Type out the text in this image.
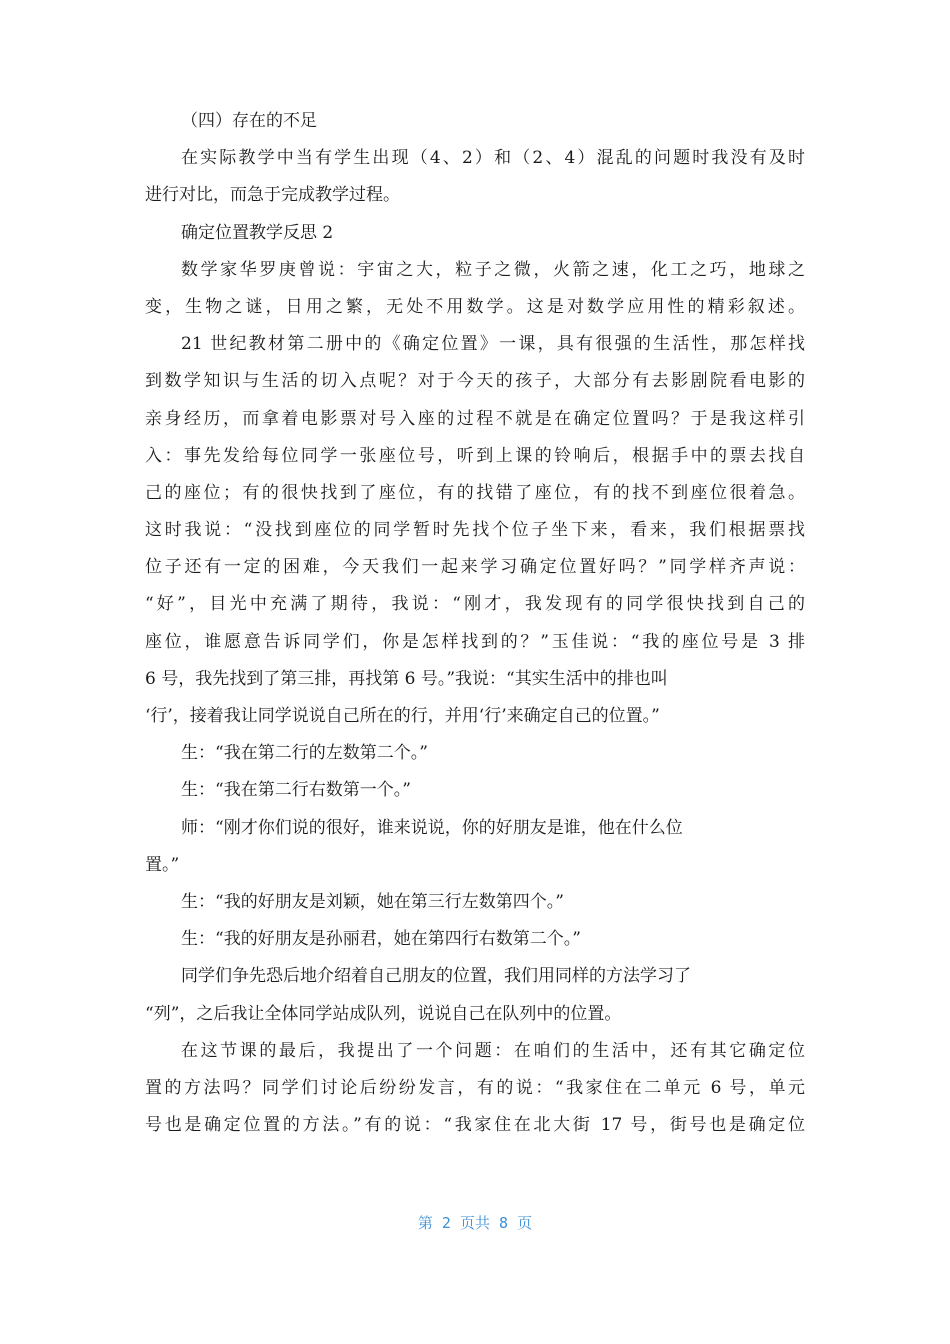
（四）存在的不足
在实际教学中当有学生出现（4、2）和（2、4）混乱的问题时我没有及时
进行对比，而急于完成教学过程。
确定位置教学反思 2
数学家华罗庚曾说：宇宙之大，粒子之微，火箭之速，化工之巧，地球之
变，生物之谜，日用之繁，无处不用数学。这是对数学应用性的精彩叙述。
21 世纪教材第二册中的《确定位置》一课，具有很强的生活性，那怎样找
到数学知识与生活的切入点呢？对于今天的孩子，大部分有去影剧院看电影的
亲身经历，而拿着电影票对号入座的过程不就是在确定位置吗？于是我这样引
入：事先发给每位同学一张座位号，听到上课的铃响后，根据手中的票去找自
己的座位；有的很快找到了座位，有的找错了座位，有的找不到座位很着急。
这时我说：“没找到座位的同学暂时先找个位子坐下来，看来，我们根据票找
位子还有一定的困难，今天我们一起来学习确定位置好吗？”同学样齐声说：
“好”，目光中充满了期待，我说：“刚才，我发现有的同学很快找到自己的
座位，谁愿意告诉同学们，你是怎样找到的？”玉佳说：“我的座位号是 3 排
6 号，我先找到了第三排，再找第 6 号。”我说：“其实生活中的排也叫
‘行’，接着我让同学说说自己所在的行，并用‘行’来确定自己的位置。”
生：“我在第二行的左数第二个。”
生：“我在第二行右数第一个。”
师：“刚才你们说的很好，谁来说说，你的好朋友是谁，他在什么位
置。”
生：“我的好朋友是刘颖，她在第三行左数第四个。”
生：“我的好朋友是孙丽君，她在第四行右数第二个。”
同学们争先恐后地介绍着自己朋友的位置，我们用同样的方法学习了
“列”，之后我让全体同学站成队列，说说自己在队列中的位置。
在这节课的最后，我提出了一个问题：在咱们的生活中，还有其它确定位
置的方法吗？同学们讨论后纷纷发言，有的说：“我家住在二单元 6 号，单元
号也是确定位置的方法。”有的说：“我家住在北大街 17 号，街号也是确定位
第 2 页共 8 页
